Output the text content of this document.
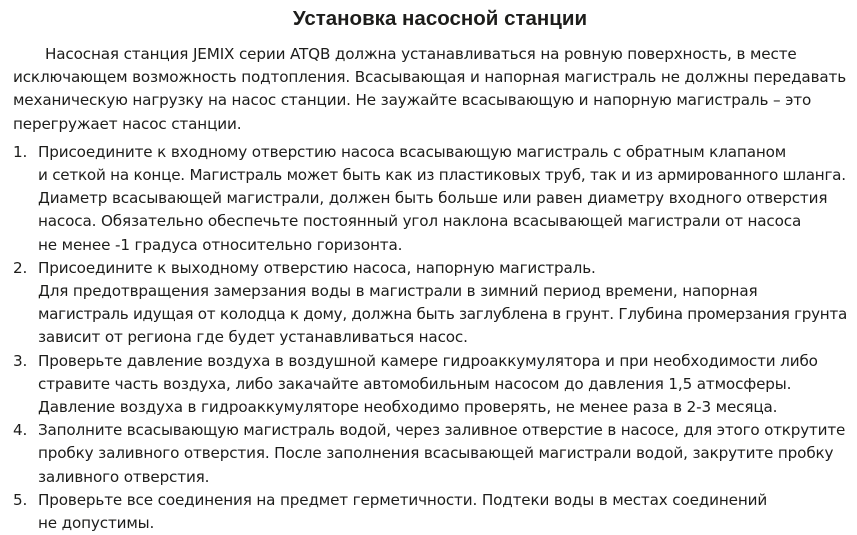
Установка насосной станции
Насосная станция JEMIX серии ATQB должна устанавливаться на ровную поверхность, в месте
исключающем возможность подтопления. Всасывающая и напорная магистраль не должны передавать
механическую нагрузку на насос станции. Не заужайте всасывающую и напорную магистраль – это
перегружает насос станции.
1. Присоедините к входному отверстию насоса всасывающую магистраль с обратным клапаном
и сеткой на конце. Магистраль может быть как из пластиковых труб, так и из армированного шланга.
Диаметр всасывающей магистрали, должен быть больше или равен диаметру входного отверстия
насоса. Обязательно обеспечьте постоянный угол наклона всасывающей магистрали от насоса
не менее -1 градуса относительно горизонта.
2. Присоедините к выходному отверстию насоса, напорную магистраль.
Для предотвращения замерзания воды в магистрали в зимний период времени, напорная
магистраль идущая от колодца к дому, должна быть заглублена в грунт. Глубина промерзания грунта
зависит от региона где будет устанавливаться насос.
3. Проверьте давление воздуха в воздушной камере гидроаккумулятора и при необходимости либо
стравите часть воздуха, либо закачайте автомобильным насосом до давления 1,5 атмосферы.
Давление воздуха в гидроаккумуляторе необходимо проверять, не менее раза в 2-3 месяца.
4. Заполните всасывающую магистраль водой, через заливное отверстие в насосе, для этого открутите
пробку заливного отверстия. После заполнения всасывающей магистрали водой, закрутите пробку
заливного отверстия.
5. Проверьте все соединения на предмет герметичности. Подтеки воды в местах соединений
не допустимы.
